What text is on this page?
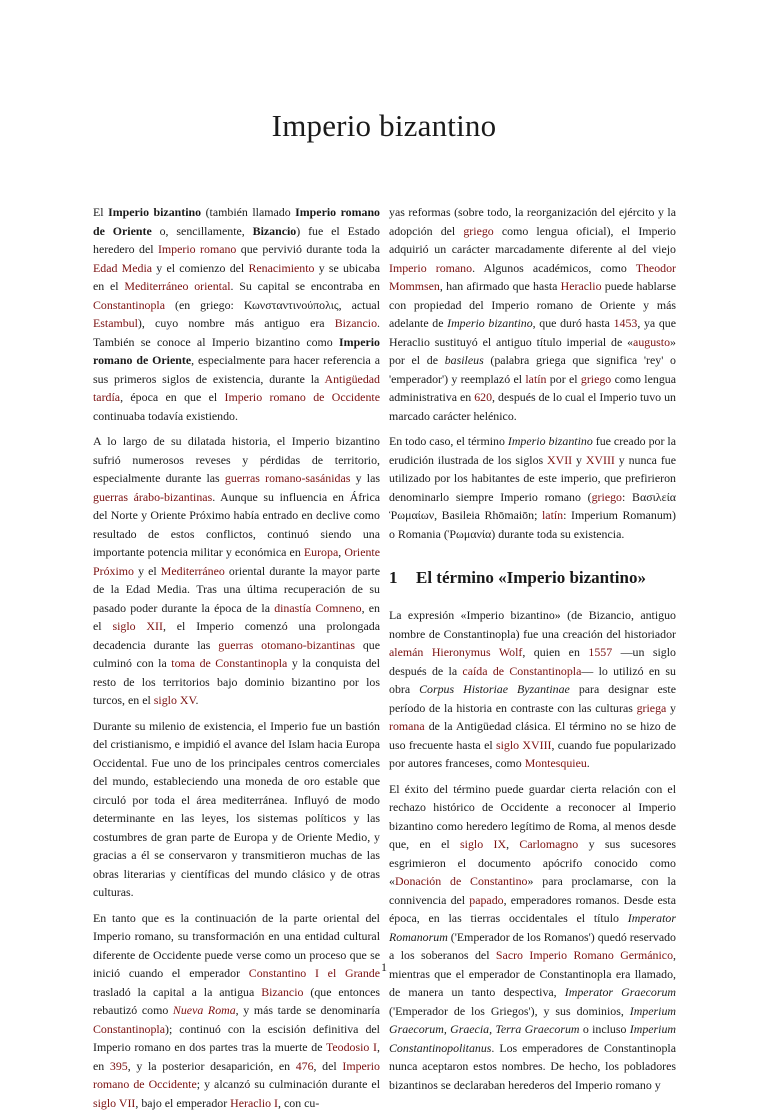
Imperio bizantino

El Imperio bizantino (también llamado Imperio romano de Oriente o, sencillamente, Bizancio) fue el Estado heredero del Imperio romano que pervivió durante toda la Edad Media y el comienzo del Renacimiento y se ubicaba en el Mediterráneo oriental. Su capital se encontraba en Constantinopla (en griego: Κωνσταντινούπολις, actual Estambul), cuyo nombre más antiguo era Bizancio. También se conoce al Imperio bizantino como Imperio romano de Oriente, especialmente para hacer referencia a sus primeros siglos de existencia, durante la Antigüedad tardía, época en que el Imperio romano de Occidente continuaba todavía existiendo.

A lo largo de su dilatada historia, el Imperio bizantino sufrió numerosos reveses y pérdidas de territorio, especialmente durante las guerras romano-sasánidas y las guerras árabo-bizantinas. Aunque su influencia en África del Norte y Oriente Próximo había entrado en declive como resultado de estos conflictos, continuó siendo una importante potencia militar y económica en Europa, Oriente Próximo y el Mediterráneo oriental durante la mayor parte de la Edad Media. Tras una última recuperación de su pasado poder durante la época de la dinastía Comneno, en el siglo XII, el Imperio comenzó una prolongada decadencia durante las guerras otomano-bizantinas que culminó con la toma de Constantinopla y la conquista del resto de los territorios bajo dominio bizantino por los turcos, en el siglo XV.

Durante su milenio de existencia, el Imperio fue un bastión del cristianismo, e impidió el avance del Islam hacia Europa Occidental. Fue uno de los principales centros comerciales del mundo, estableciendo una moneda de oro estable que circuló por toda el área mediterránea. Influyó de modo determinante en las leyes, los sistemas políticos y las costumbres de gran parte de Europa y de Oriente Medio, y gracias a él se conservaron y transmitieron muchas de las obras literarias y científicas del mundo clásico y de otras culturas.

En tanto que es la continuación de la parte oriental del Imperio romano, su transformación en una entidad cultural diferente de Occidente puede verse como un proceso que se inició cuando el emperador Constantino I el Grande trasladó la capital a la antigua Bizancio (que entonces rebautizó como Nueva Roma, y más tarde se denominaría Constantinopla); continuó con la escisión definitiva del Imperio romano en dos partes tras la muerte de Teodosio I, en 395, y la posterior desaparición, en 476, del Imperio romano de Occidente; y alcanzó su culminación durante el siglo VII, bajo el emperador Heraclio I, con cu-

yas reformas (sobre todo, la reorganización del ejército y la adopción del griego como lengua oficial), el Imperio adquirió un carácter marcadamente diferente al del viejo Imperio romano. Algunos académicos, como Theodor Mommsen, han afirmado que hasta Heraclio puede hablarse con propiedad del Imperio romano de Oriente y más adelante de Imperio bizantino, que duró hasta 1453, ya que Heraclio sustituyó el antiguo título imperial de «augusto» por el de basileus (palabra griega que significa 'rey' o 'emperador') y reemplazó el latín por el griego como lengua administrativa en 620, después de lo cual el Imperio tuvo un marcado carácter helénico.

En todo caso, el término Imperio bizantino fue creado por la erudición ilustrada de los siglos XVII y XVIII y nunca fue utilizado por los habitantes de este imperio, que prefirieron denominarlo siempre Imperio romano (griego: Βασιλεία Ῥωμαίων, Basileia Rhōmaiōn; latín: Imperium Romanum) o Romania (Ῥωμανία) durante toda su existencia.

1 El término «Imperio bizantino»

La expresión «Imperio bizantino» (de Bizancio, antiguo nombre de Constantinopla) fue una creación del historiador alemán Hieronymus Wolf, quien en 1557 —un siglo después de la caída de Constantinopla— lo utilizó en su obra Corpus Historiae Byzantinae para designar este período de la historia en contraste con las culturas griega y romana de la Antigüedad clásica. El término no se hizo de uso frecuente hasta el siglo XVIII, cuando fue popularizado por autores franceses, como Montesquieu.

El éxito del término puede guardar cierta relación con el rechazo histórico de Occidente a reconocer al Imperio bizantino como heredero legítimo de Roma, al menos desde que, en el siglo IX, Carlomagno y sus sucesores esgrimieron el documento apócrifo conocido como «Donación de Constantino» para proclamarse, con la connivencia del papado, emperadores romanos. Desde esta época, en las tierras occidentales el título Imperator Romanorum ('Emperador de los Romanos') quedó reservado a los soberanos del Sacro Imperio Romano Germánico, mientras que el emperador de Constantinopla era llamado, de manera un tanto despectiva, Imperator Graecorum ('Emperador de los Griegos'), y sus dominios, Imperium Graecorum, Graecia, Terra Graecorum o incluso Imperium Constantinopolitanus. Los emperadores de Constantinopla nunca aceptaron estos nombres. De hecho, los pobladores bizantinos se declaraban herederos del Imperio romano y

1
